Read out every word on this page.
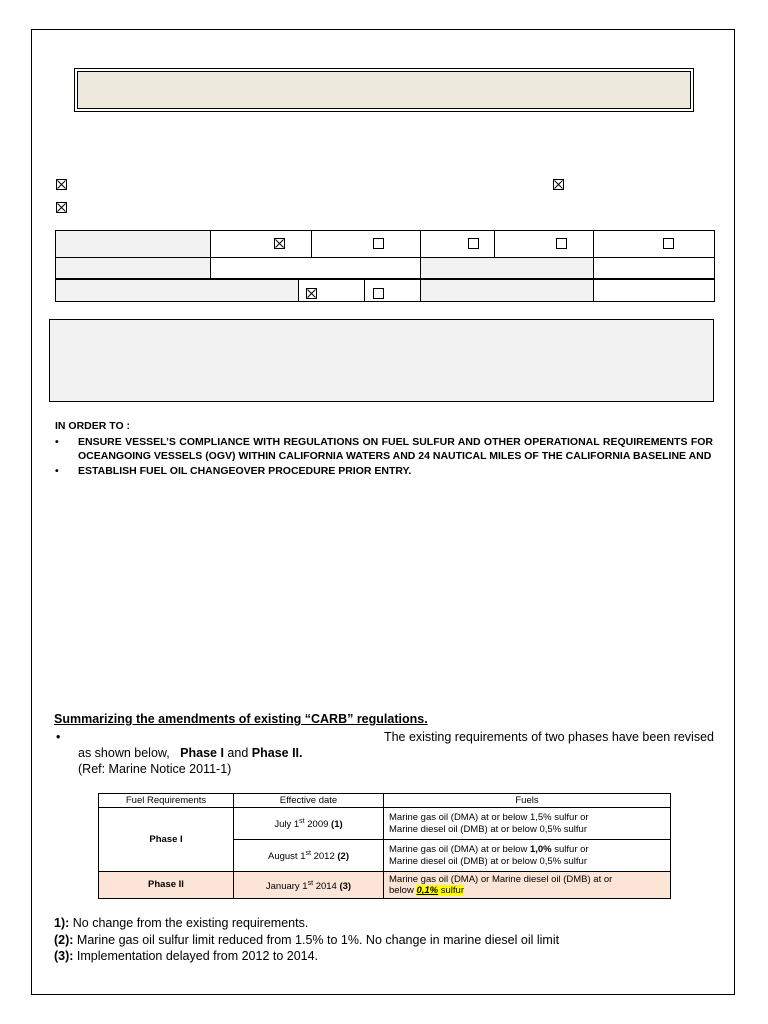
IN ORDER TO :
• ENSURE VESSEL’S COMPLIANCE WITH REGULATIONS ON FUEL SULFUR AND OTHER OPERATIONAL REQUIREMENTS FOR OCEANGOING VESSELS (OGV) WITHIN CALIFORNIA WATERS AND 24 NAUTICAL MILES OF THE CALIFORNIA BASELINE AND
• ESTABLISH FUEL OIL CHANGEOVER PROCEDURE PRIOR ENTRY.
Summarizing the amendments of existing “CARB” regulations.
•	The existing requirements of two phases have been revised
as shown below, Phase I and Phase II.
(Ref: Marine Notice 2011-1)
Fuel Requirements	Effective date	Fuels
Phase I	July 1st 2009 (1)	Marine gas oil (DMA) at or below 1,5% sulfur or
Marine diesel oil (DMB) at or below 0,5% sulfur

	August 1st 2012 (2)	Marine gas oil (DMA) at or below 1,0% sulfur or
Marine diesel oil (DMB) at or below 0,5% sulfur

Phase II	January 1st 2014 (3)	Marine gas oil (DMA) or Marine diesel oil (DMB) at or
below 0,1% sulfur
1): No change from the existing requirements.
(2): Marine gas oil sulfur limit reduced from 1.5% to 1%. No change in marine diesel oil limit
(3): Implementation delayed from 2012 to 2014.
